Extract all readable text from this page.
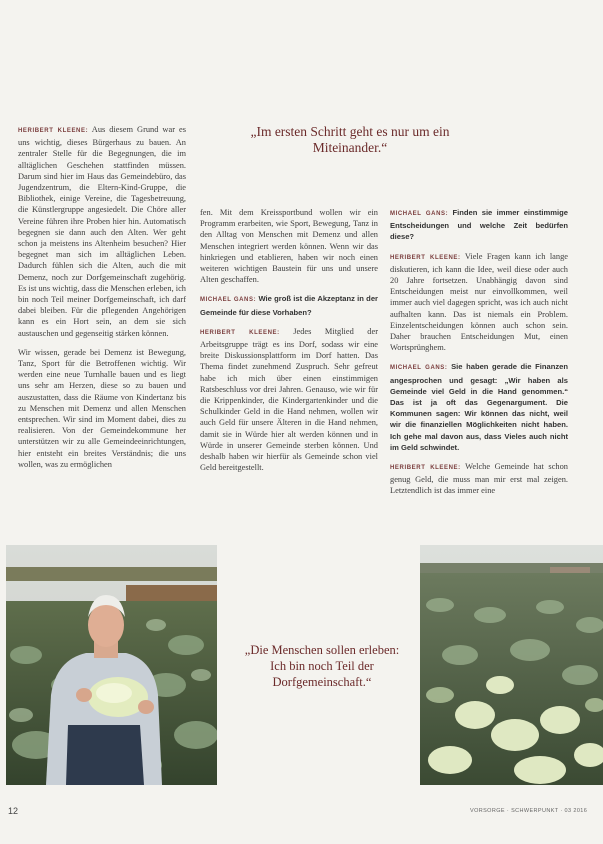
HERIBERT KLEENE: Aus diesem Grund war es uns wichtig, dieses Bürgerhaus zu bauen. An zentraler Stelle für die Begegnungen, die im alltäglichen Geschehen stattfinden müssen. Darum sind hier im Haus das Gemeindebüro, das Jugendzentrum, die Eltern-Kind-Gruppe, die Bibliothek, einige Vereine, die Tagesbetreuung, die Künstlergruppe angesiedelt. Die Chöre aller Vereine führen ihre Proben hier hin. Automatisch begegnen sie dann auch den Alten. Wer geht schon ja meistens ins Altenheim besuchen? Hier begegnet man sich im alltäglichen Leben. Dadurch fühlen sich die Alten, auch die mit Demenz, noch zur Dorfgemeinschaft zugehörig. Es ist uns wichtig, dass die Menschen erleben, ich bin noch Teil meiner Dorfgemeinschaft, ich darf dabei bleiben. Für die pflegenden Angehörigen kann es ein Hort sein, an dem sie sich austauschen und gegenseitig stärken können.

Wir wissen, gerade bei Demenz ist Bewegung, Tanz, Sport für die Betroffenen wichtig. Wir werden eine neue Turnhalle bauen und es liegt uns sehr am Herzen, diese so zu bauen und auszustatten, dass die Räume von Kindertanz bis zu Menschen mit Demenz und allen Menschen entsprechen. Wir sind im Moment dabei, dies zu realisieren. Von der Gemeindekommune her unterstützen wir zu alle Gemeindeeinrichtungen, hier entsteht ein breites Verständnis; die uns wollen, was zu ermöglichen

„Im ersten Schritt geht es nur um ein Miteinander.“

fen. Mit dem Kreissportbund wollen wir ein Programm erarbeiten, wie Sport, Bewegung, Tanz in den Alltag von Menschen mit Demenz und allen Menschen integriert werden können. Wenn wir das hinkriegen und etablieren, haben wir noch einen weiteren wichtigen Baustein für uns und unsere Alten geschaffen.

MICHAEL GANS: Wie groß ist die Akzeptanz in der Gemeinde für diese Vorhaben?

HERIBERT KLEENE: Jedes Mitglied der Arbeitsgruppe trägt es ins Dorf, sodass wir eine breite Diskussionsplattform im Dorf hatten. Das Thema findet zunehmend Zuspruch. Sehr gefreut habe ich mich über einen einstimmigen Ratsbeschluss vor drei Jahren. Genauso, wie wir für die Krippenkinder, die Kindergartenkinder und die Schulkinder Geld in die Hand nehmen, wollen wir auch Geld für unsere Älteren in die Hand nehmen, damit sie in Würde hier alt werden können und in Würde in unserer Gemeinde sterben können. Und deshalb haben wir hierfür als Gemeinde schon viel Geld bereitgestellt.

MICHAEL GANS: Finden sie immer einstimmige Entscheidungen und welche Zeit bedürfen diese?

HERIBERT KLEENE: Viele Fragen kann ich lange diskutieren, ich kann die Idee, weil diese oder auch 20 Jahre fortsetzen. Unabhängig davon sind Entscheidungen meist nur einvollkommen, weil immer auch viel dagegen spricht, was ich auch nicht aufhalten kann. Das ist niemals ein Problem. Einzelentscheidungen können auch schon sein. Daher brauchen Entscheidungen Mut, einen Wortsprünghem.

MICHAEL GANS: Sie haben gerade die Finanzen angesprochen und gesagt: „Wir haben als Gemeinde viel Geld in die Hand genommen.“ Das ist ja oft das Gegenargument. Die Kommunen sagen: Wir können das nicht, weil wir die finanziellen Möglichkeiten nicht haben. Ich gehe mal davon aus, dass Vieles auch nicht im Geld schwindet.

HERIBERT KLEENE: Welche Gemeinde hat schon genug Geld, die muss man mir erst mal zeigen. Letztendlich ist das immer eine

„Die Menschen sollen erleben: Ich bin noch Teil der Dorfgemeinschaft.“
12	VORSORGE · SCHWERPUNKT · 03 2016
